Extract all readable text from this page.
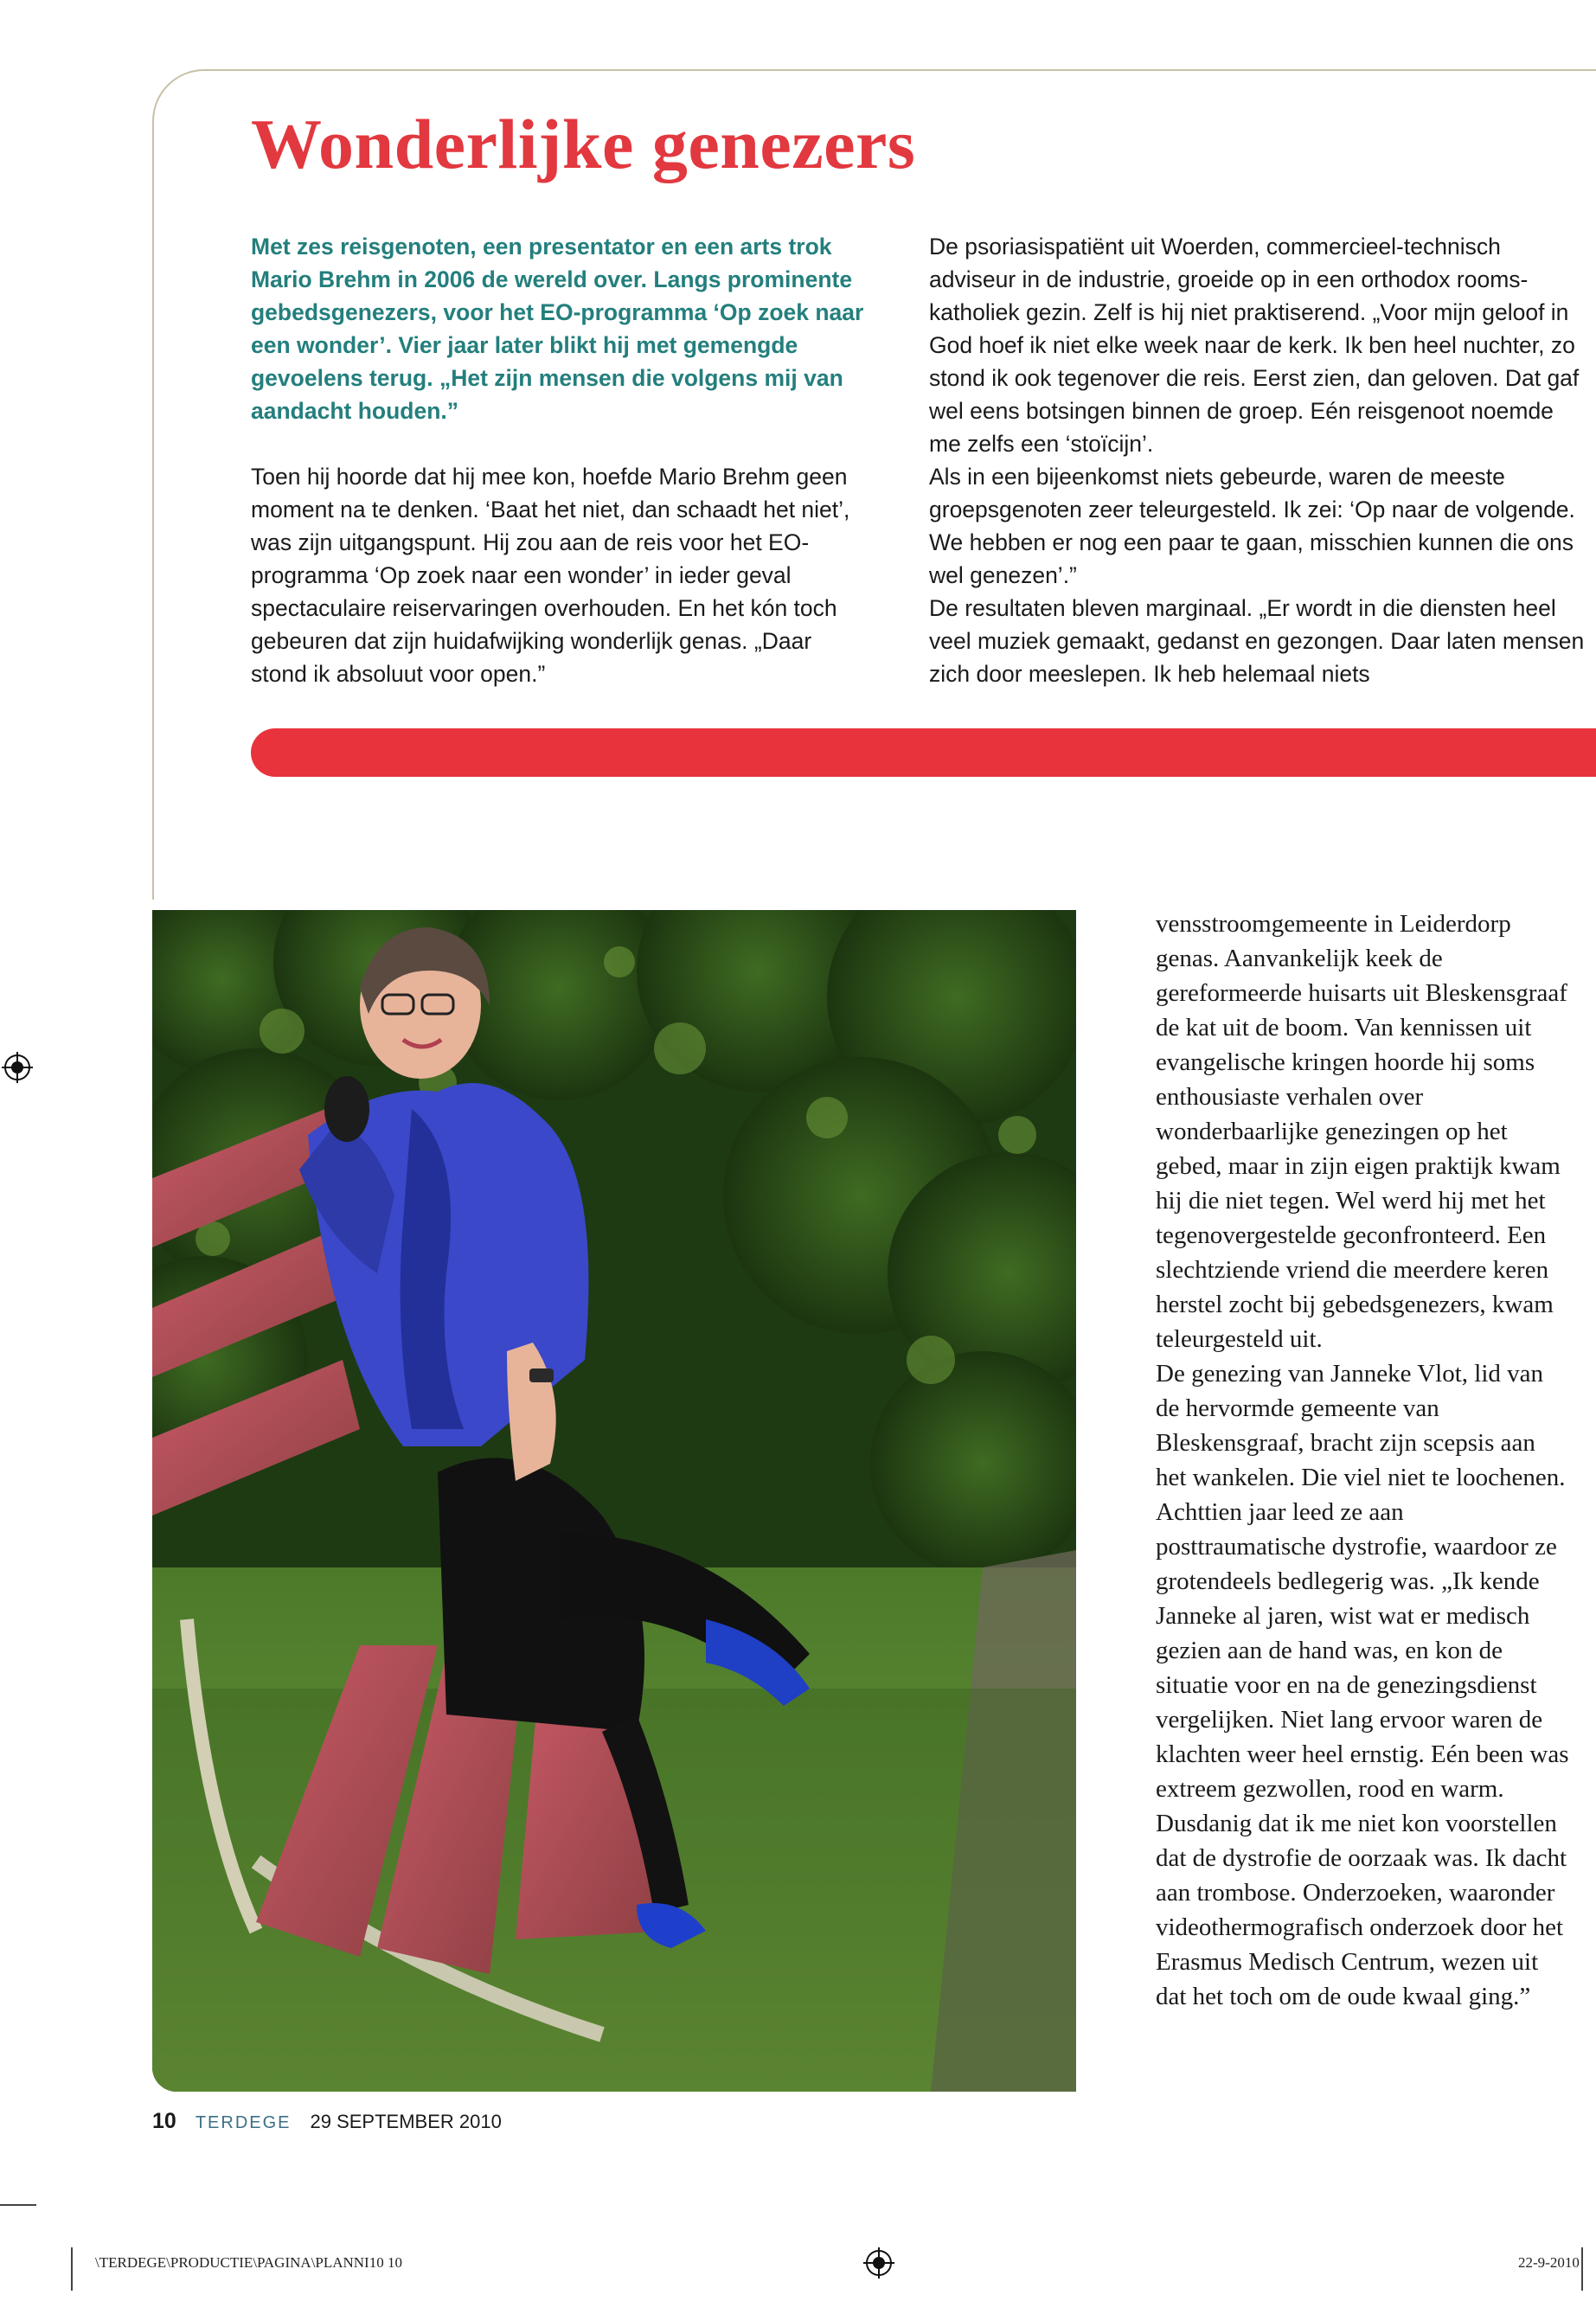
Wonderlijke genezers

Met zes reisgenoten, een presentator en een arts trok Mario Brehm in 2006 de wereld over. Langs prominente gebedsgenezers, voor het EO-programma ‘Op zoek naar een wonder’. Vier jaar later blikt hij met gemengde gevoelens terug. „Het zijn mensen die volgens mij van aandacht houden.”

Toen hij hoorde dat hij mee kon, hoefde Mario Brehm geen moment na te denken. ‘Baat het niet, dan schaadt het niet’, was zijn uitgangspunt. Hij zou aan de reis voor het EO-programma ‘Op zoek naar een wonder’ in ieder geval spectaculaire reiservaringen overhouden. En het kón toch gebeuren dat zijn huidafwijking wonderlijk genas. „Daar stond ik absoluut voor open.”

De psoriasispatiënt uit Woerden, commercieel-technisch adviseur in de industrie, groeide op in een orthodox rooms-katholiek gezin. Zelf is hij niet praktiserend. „Voor mijn geloof in God hoef ik niet elke week naar de kerk. Ik ben heel nuchter, zo stond ik ook tegenover die reis. Eerst zien, dan geloven. Dat gaf wel eens botsingen binnen de groep. Eén reisgenoot noemde me zelfs een ‘stoïcijn’.

Als in een bijeenkomst niets gebeurde, waren de meeste groepsgenoten zeer teleurgesteld. Ik zei: ‘Op naar de volgende. We hebben er nog een paar te gaan, misschien kunnen die ons wel genezen’.”

De resultaten bleven marginaal. „Er wordt in die diensten heel veel muziek gemaakt, gedanst en gezongen. Daar laten mensen zich door meeslepen. Ik heb helemaal niets

vensstroomgemeente in Leiderdorp genas. Aanvankelijk keek de gereformeerde huisarts uit Bleskensgraaf de kat uit de boom. Van kennissen uit evangelische kringen hoorde hij soms enthousiaste verhalen over wonderbaarlijke genezingen op het gebed, maar in zijn eigen praktijk kwam hij die niet tegen. Wel werd hij met het tegenovergestelde geconfronteerd. Een slechtziende vriend die meerdere keren herstel zocht bij gebedsgenezers, kwam teleurgesteld uit.

De genezing van Janneke Vlot, lid van de hervormde gemeente van Bleskensgraaf, bracht zijn scepsis aan het wankelen. Die viel niet te loochenen. Achttien jaar leed ze aan posttraumatische dystrofie, waardoor ze grotendeels bedlegerig was. „Ik kende Janneke al jaren, wist wat er medisch gezien aan de hand was, en kon de situatie voor en na de genezingsdienst vergelijken. Niet lang ervoor waren de klachten weer heel ernstig. Eén been was extreem gezwollen, rood en warm. Dusdanig dat ik me niet kon voorstellen dat de dystrofie de oorzaak was. Ik dacht aan trombose. Onderzoeken, waaronder videothermografisch onderzoek door het Erasmus Medisch Centrum, wezen uit dat het toch om de oude kwaal ging.”

10 TERDEGE 29 SEPTEMBER 2010
\TERDEGE\PRODUCTIE\PAGINA\PLANNI10 10	22-9-2010
